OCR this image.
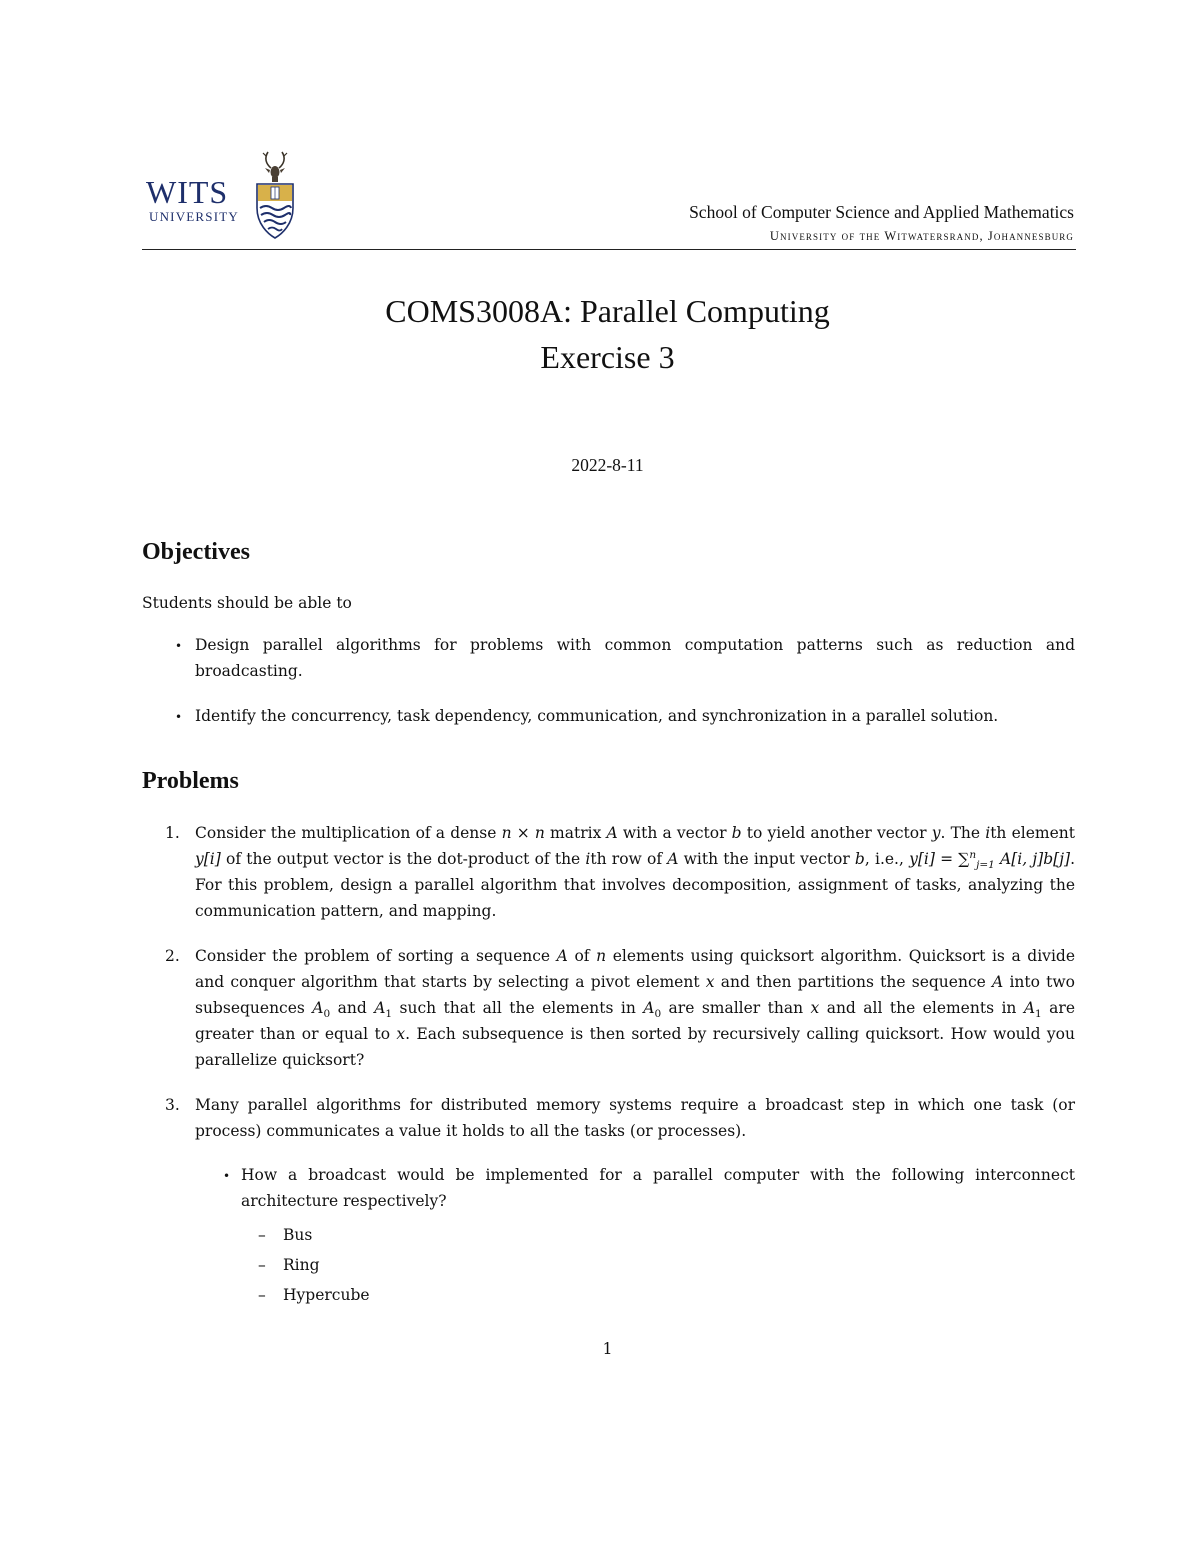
WITS
UNIVERSITY	School of Computer Science and Applied Mathematics
University of the Witwatersrand, Johannesburg
COMS3008A: Parallel Computing
Exercise 3
2022-8-11
Objectives
Students should be able to
• Design parallel algorithms for problems with common computation patterns such as reduction and broadcasting.
• Identify the concurrency, task dependency, communication, and synchronization in a parallel solution.
Problems
1. Consider the multiplication of a dense n × n matrix A with a vector b to yield another vector y. The ith element y[i] of the output vector is the dot-product of the ith row of A with the input vector b, i.e., y[i] = ∑$^n_{j=1}$ A[i, j]b[j]. For this problem, design a parallel algorithm that involves decomposition, assignment of tasks, analyzing the communication pattern, and mapping.
2. Consider the problem of sorting a sequence A of n elements using quicksort algorithm. Quicksort is a divide and conquer algorithm that starts by selecting a pivot element x and then partitions the sequence A into two subsequences $A_0$ and $A_1$ such that all the elements in $A_0$ are smaller than x and all the elements in $A_1$ are greater than or equal to x. Each subsequence is then sorted by recursively calling quicksort. How would you parallelize quicksort?
3. Many parallel algorithms for distributed memory systems require a broadcast step in which one task (or process) communicates a value it holds to all the tasks (or processes).
• How a broadcast would be implemented for a parallel computer with the following interconnect architecture respectively?
– Bus
– Ring
– Hypercube
1
